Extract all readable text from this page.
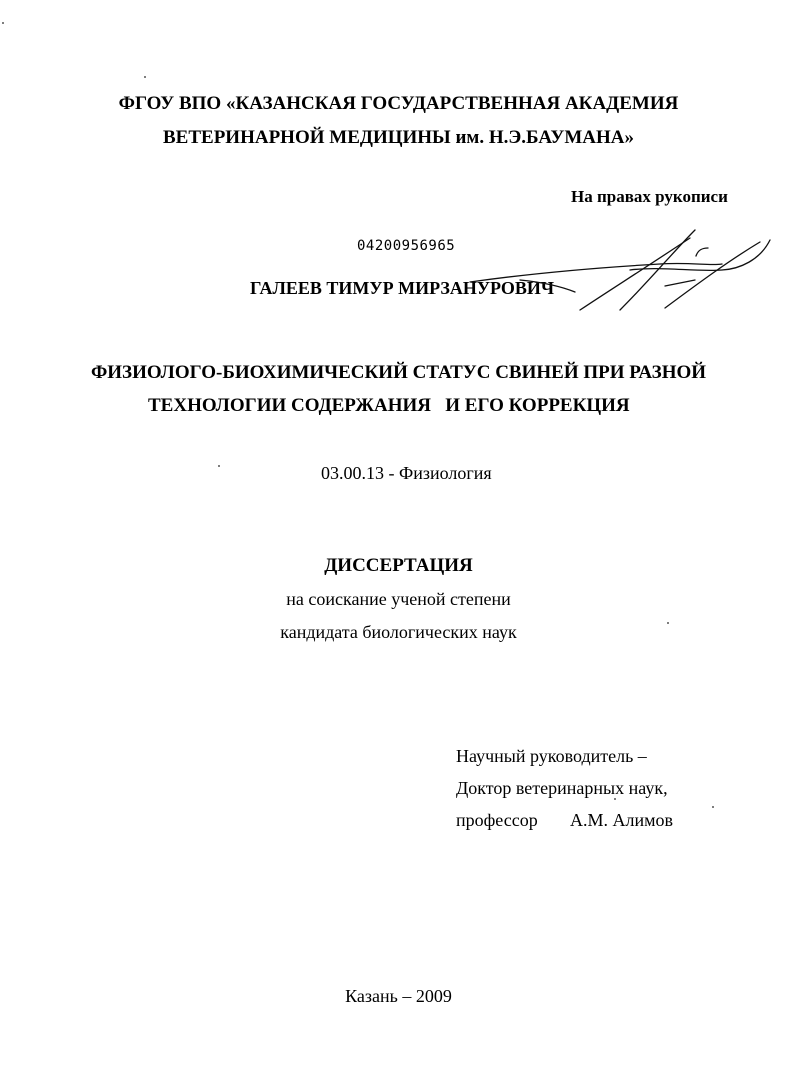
ФГОУ ВПО «КАЗАНСКАЯ ГОСУДАРСТВЕННАЯ АКАДЕМИЯ
ВЕТЕРИНАРНОЙ МЕДИЦИНЫ им. Н.Э.БАУМАНА»
На правах рукописи
04200956965
ГАЛЕЕВ ТИМУР МИРЗАНУРОВИЧ
ФИЗИОЛОГО-БИОХИМИЧЕСКИЙ СТАТУС СВИНЕЙ ПРИ РАЗНОЙ
ТЕХНОЛОГИИ СОДЕРЖАНИЯ   И ЕГО КОРРЕКЦИЯ
03.00.13 - Физиология
ДИССЕРТАЦИЯ
на соискание ученой степени
кандидата биологических наук
Научный руководитель –
Доктор ветеринарных наук,
профессор А.М. Алимов
Казань – 2009
